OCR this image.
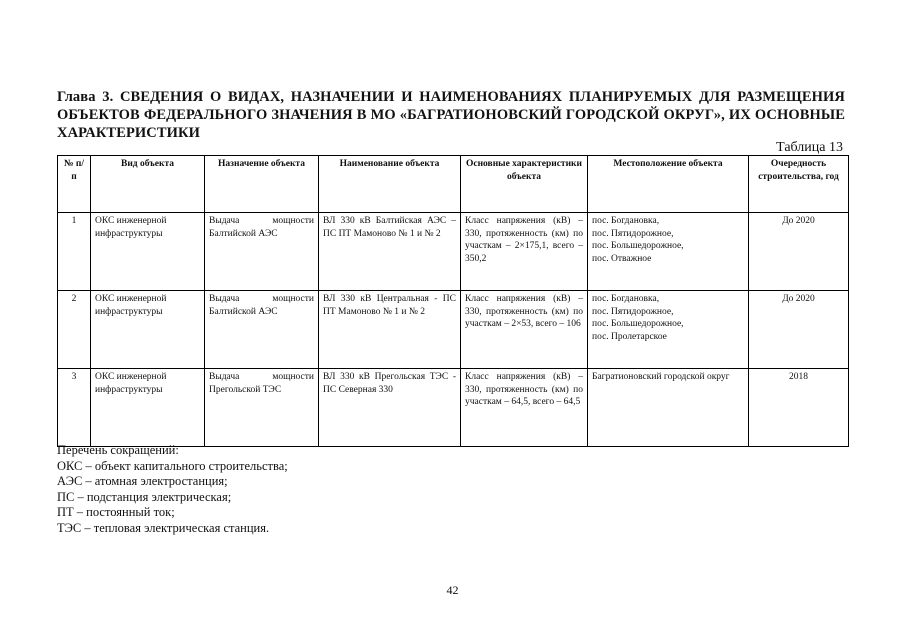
Глава 3. СВЕДЕНИЯ О ВИДАХ, НАЗНАЧЕНИИ И НАИМЕНОВАНИЯХ ПЛАНИРУЕМЫХ ДЛЯ РАЗМЕЩЕНИЯ ОБЪЕКТОВ ФЕДЕРАЛЬНОГО ЗНАЧЕНИЯ В МО «БАГРАТИОНОВСКИЙ ГОРОДСКОЙ ОКРУГ», ИХ ОСНОВНЫЕ ХАРАКТЕРИСТИКИ
Таблица 13
№ п/п	Вид объекта	Назначение объекта	Наименование объекта	Основные характеристики объекта	Местоположение объекта	Очередность строительства, год
1	ОКС инженерной инфраструктуры	Выдача мощности Балтийской АЭС	ВЛ 330 кВ Балтийская АЭС – ПС ПТ Мамоново № 1 и № 2	Класс напряжения (кВ) – 330, протяженность (км) по участкам – 2×175,1, всего – 350,2	пос. Богдановка,
пос. Пятидорожное,
пос. Большедорожное,
пос. Отважное	До 2020
2	ОКС инженерной инфраструктуры	Выдача мощности Балтийской АЭС	ВЛ 330 кВ Центральная - ПС ПТ Мамоново № 1 и № 2	Класс напряжения (кВ) – 330, протяженность (км) по участкам – 2×53, всего – 106	пос. Богдановка,
пос. Пятидорожное,
пос. Большедорожное,
пос. Пролетарское	До 2020
3	ОКС инженерной инфраструктуры	Выдача мощности Прегольской ТЭС	ВЛ 330 кВ Прегольская ТЭС - ПС Северная 330	Класс напряжения (кВ) – 330, протяженность (км) по участкам – 64,5, всего – 64,5	Багратионовский городской округ	2018
Перечень сокращений:
ОКС – объект капитального строительства;
АЭС – атомная электростанция;
ПС – подстанция электрическая;
ПТ – постоянный ток;
ТЭС – тепловая электрическая станция.
42
